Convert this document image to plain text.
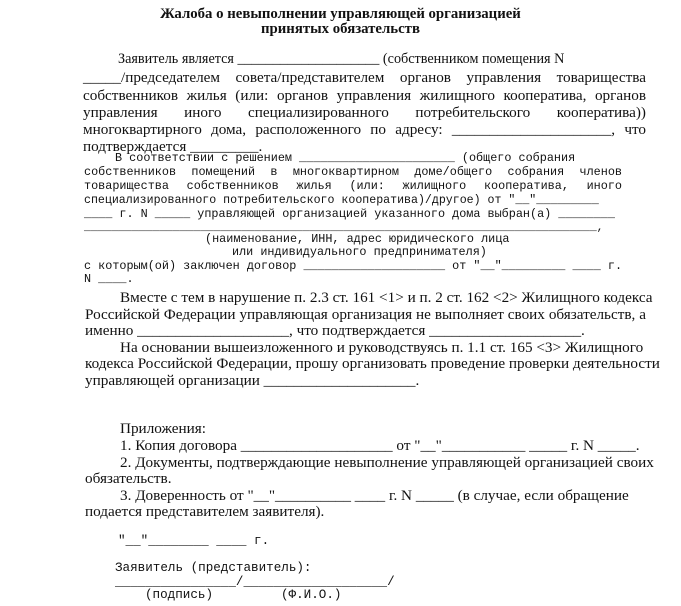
Жалоба о невыполнении управляющей организацией
принятых обязательств
Заявитель является ____________________ (собственником помещения N
_____/председателем совета/представителем органов управления товарищества
собственников жилья (или: органов управления жилищного кооператива, органов
управления иного специализированного потребительского кооператива))
многоквартирного дома, расположенного по адресу: _____________________, что
подтверждается _________.
В соответствии с решением ______________________ (общего собрания
собственников помещений в многоквартирном доме/общего собрания членов
товарищества собственников жилья (или: жилищного кооператива, иного
специализированного потребительского кооператива)/другое) от "__"_________
____ г. N _____ управляющей организацией указанного дома выбран(а) ________
___________________________________________________________________________,
(наименование, ИНН, адрес юридического лица
или индивидуального предпринимателя)
с которым(ой) заключен договор ____________________ от "__"_________ ____ г.
N ____.
Вместе с тем в нарушение п. 2.3 ст. 161 <1> и п. 2 ст. 162 <2> Жилищного кодекса
Российской Федерации управляющая организация не выполняет своих обязательств, а
именно ____________________, что подтверждается ____________________.
На основании вышеизложенного и руководствуясь п. 1.1 ст. 165 <3> Жилищного
кодекса Российской Федерации, прошу организовать проведение проверки деятельности
управляющей организации ____________________.
Приложения:
1. Копия договора ____________________ от "__"___________ _____ г. N _____.
2. Документы, подтверждающие невыполнение управляющей организацией своих
обязательств.
3. Доверенность от "__"__________ ____ г. N _____ (в случае, если обращение
подается представителем заявителя).
"__"________ ____ г.
Заявитель (представитель):
________________/___________________/
(подпись)	(Ф.И.О.)
